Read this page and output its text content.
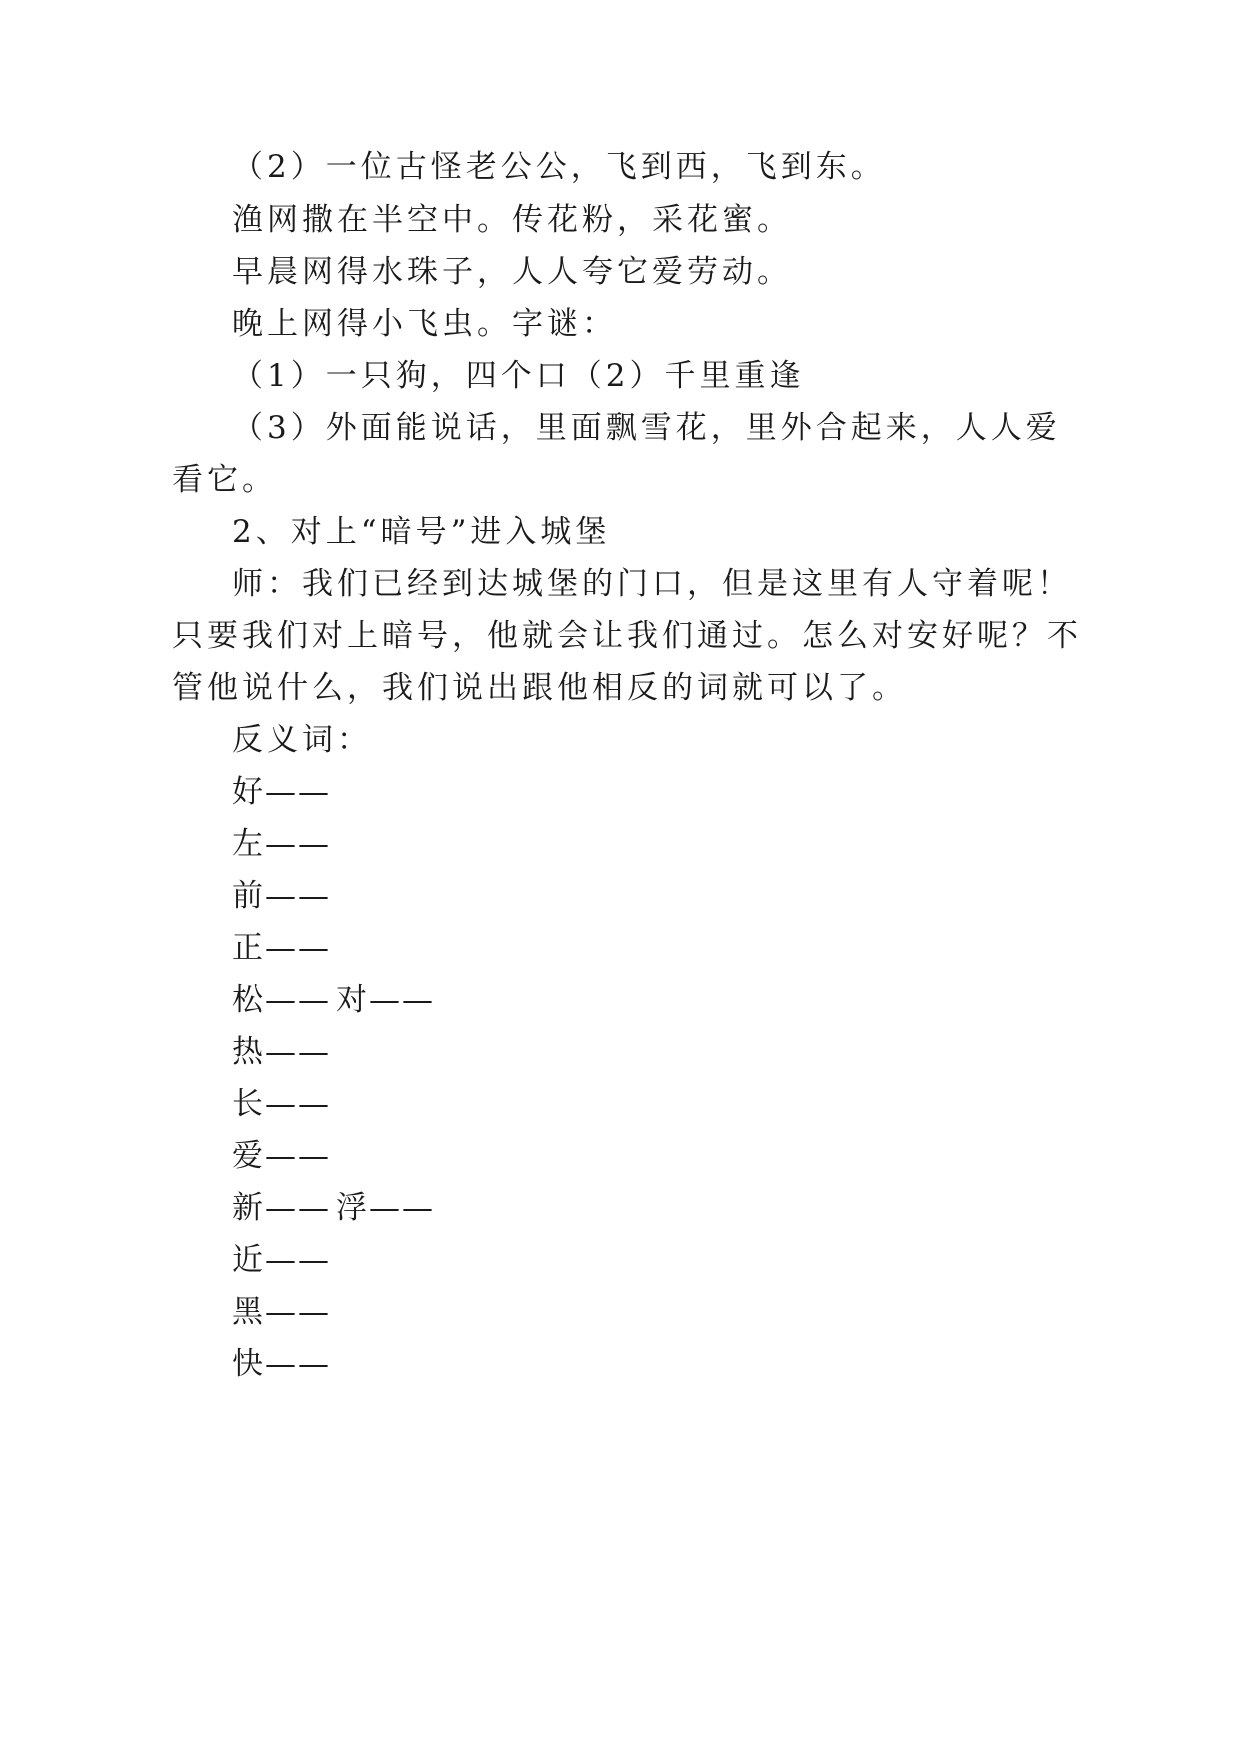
（2）一位古怪老公公，飞到西，飞到东。
渔网撒在半空中。传花粉，采花蜜。
早晨网得水珠子，人人夸它爱劳动。
晚上网得小飞虫。字谜：
（1）一只狗，四个口（2）千里重逢
（3）外面能说话，里面飘雪花，里外合起来，人人爱
看它。
2、对上“暗号”进入城堡
师：我们已经到达城堡的门口，但是这里有人守着呢！
只要我们对上暗号，他就会让我们通过。怎么对安好呢？不
管他说什么，我们说出跟他相反的词就可以了。
反义词：
好——
左——
前——
正——
松—— 对——
热——
长——
爱——
新—— 浮——
近——
黑——
快——
